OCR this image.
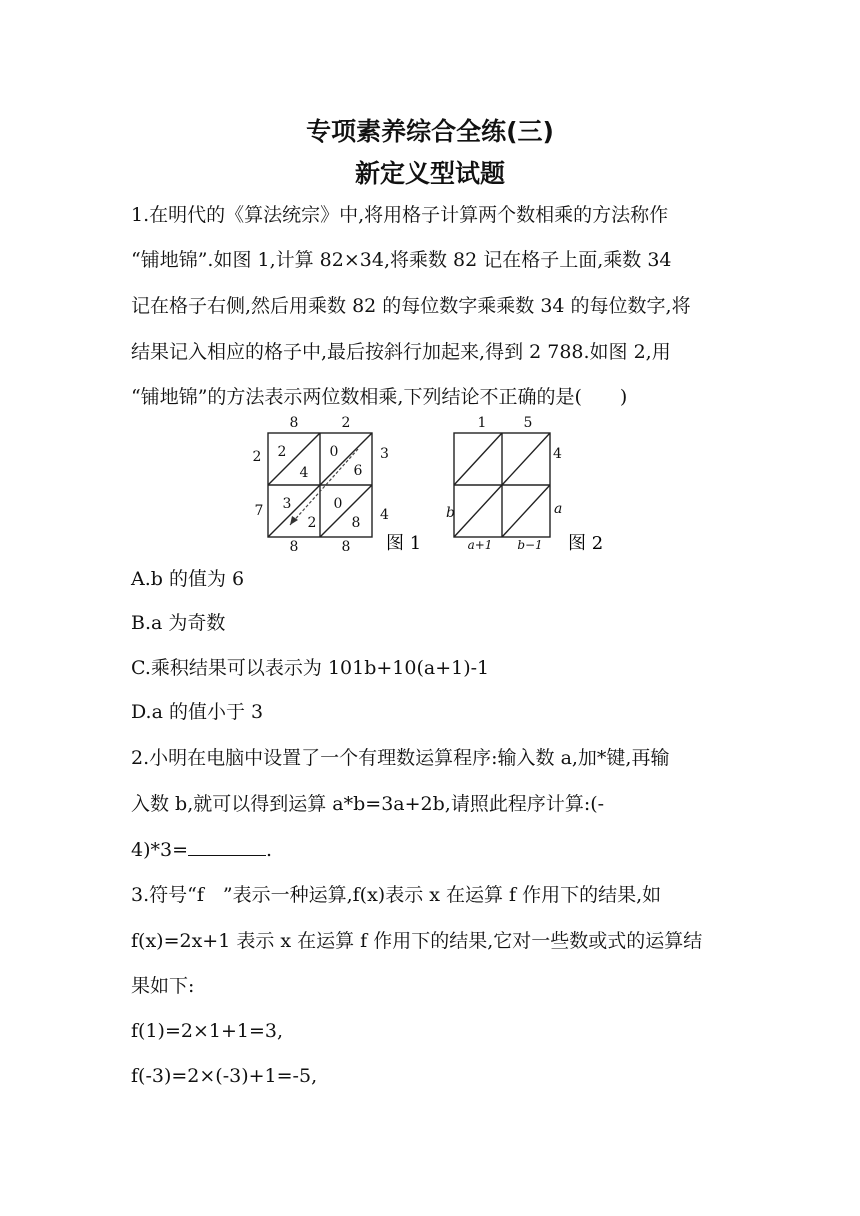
专项素养综合全练(三)
新定义型试题
1.在明代的《算法统宗》中,将用格子计算两个数相乘的方法称作
“铺地锦”.如图 1,计算 82×34,将乘数 82 记在格子上面,乘数 34
记在格子右侧,然后用乘数 82 的每位数字乘乘数 34 的每位数字,将
结果记入相应的格子中,最后按斜行加起来,得到 2 788.如图 2,用
“铺地锦”的方法表示两位数相乘,下列结论不正确的是(　　)
8	2
3
4
2
7
8	8
2
4
0
6
3
2
0
8
图 1
1	5
4
a
b
a+1 b−1 图 2
A.b 的值为 6
B.a 为奇数
C.乘积结果可以表示为 101b+10(a+1)-1
D.a 的值小于 3
2.小明在电脑中设置了一个有理数运算程序:输入数 a,加*键,再输
入数 b,就可以得到运算 a*b=3a+2b,请照此程序计算:(-
4)*3=	.
3.符号“f　”表示一种运算,f(x)表示 x 在运算 f 作用下的结果,如
f(x)=2x+1 表示 x 在运算 f 作用下的结果,它对一些数或式的运算结
果如下:
f(1)=2×1+1=3,
f(-3)=2×(-3)+1=-5,
